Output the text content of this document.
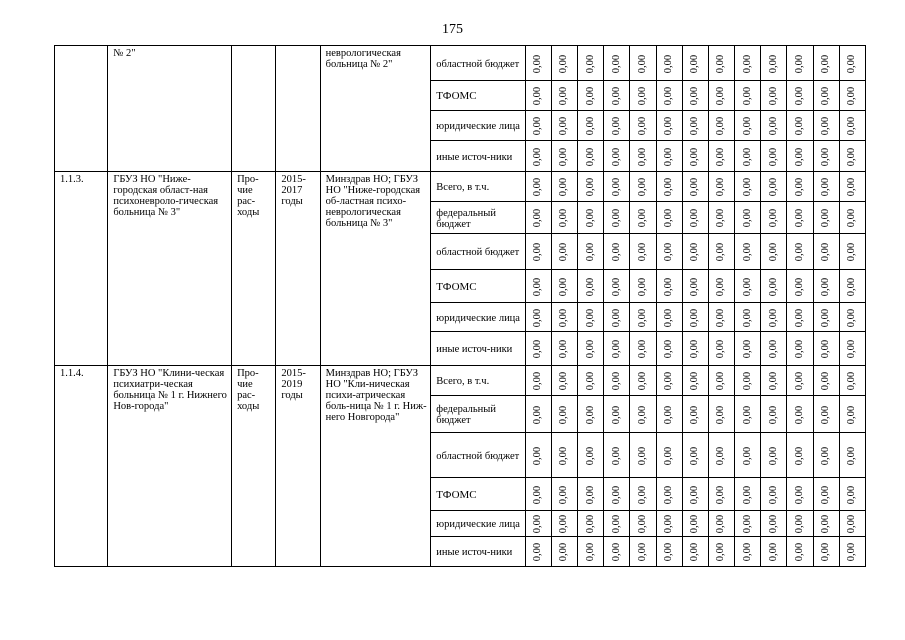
175
	№ 2"			неврологическая больница № 2"	областной бюджет	0,00	0,00	0,00	0,00	0,00	0,00	0,00	0,00	0,00	0,00	0,00	0,00	0,00
					ТФОМС	0,00	0,00	0,00	0,00	0,00	0,00	0,00	0,00	0,00	0,00	0,00	0,00	0,00
					юридические лица	0,00	0,00	0,00	0,00	0,00	0,00	0,00	0,00	0,00	0,00	0,00	0,00	0,00
					иные источ-ники	0,00	0,00	0,00	0,00	0,00	0,00	0,00	0,00	0,00	0,00	0,00	0,00	0,00
1.1.3.	ГБУЗ НО "Ниже-городская област-ная психоневроло-гическая больница № 3"	Про-чие рас-ходы	2015-2017 годы	Минздрав НО; ГБУЗ НО "Ниже-городская об-ластная психо-неврологическая больница № 3"	Всего, в т.ч.	0,00	0,00	0,00	0,00	0,00	0,00	0,00	0,00	0,00	0,00	0,00	0,00	0,00
					федеральный бюджет	0,00	0,00	0,00	0,00	0,00	0,00	0,00	0,00	0,00	0,00	0,00	0,00	0,00
					областной бюджет	0,00	0,00	0,00	0,00	0,00	0,00	0,00	0,00	0,00	0,00	0,00	0,00	0,00
					ТФОМС	0,00	0,00	0,00	0,00	0,00	0,00	0,00	0,00	0,00	0,00	0,00	0,00	0,00
					юридические лица	0,00	0,00	0,00	0,00	0,00	0,00	0,00	0,00	0,00	0,00	0,00	0,00	0,00
					иные источ-ники	0,00	0,00	0,00	0,00	0,00	0,00	0,00	0,00	0,00	0,00	0,00	0,00	0,00
1.1.4.	ГБУЗ НО "Клини-ческая психиатри-ческая больница № 1 г. Нижнего Нов-города"	Про-чие рас-ходы	2015-2019 годы	Минздрав НО; ГБУЗ НО "Кли-ническая психи-атрическая боль-ница № 1 г. Ниж-него Новгорода"	Всего, в т.ч.	0,00	0,00	0,00	0,00	0,00	0,00	0,00	0,00	0,00	0,00	0,00	0,00	0,00
					федеральный бюджет	0,00	0,00	0,00	0,00	0,00	0,00	0,00	0,00	0,00	0,00	0,00	0,00	0,00
					областной бюджет	0,00	0,00	0,00	0,00	0,00	0,00	0,00	0,00	0,00	0,00	0,00	0,00	0,00
					ТФОМС	0,00	0,00	0,00	0,00	0,00	0,00	0,00	0,00	0,00	0,00	0,00	0,00	0,00
					юридические лица	0,00	0,00	0,00	0,00	0,00	0,00	0,00	0,00	0,00	0,00	0,00	0,00	0,00
					иные источ-ники	0,00	0,00	0,00	0,00	0,00	0,00	0,00	0,00	0,00	0,00	0,00	0,00	0,00
